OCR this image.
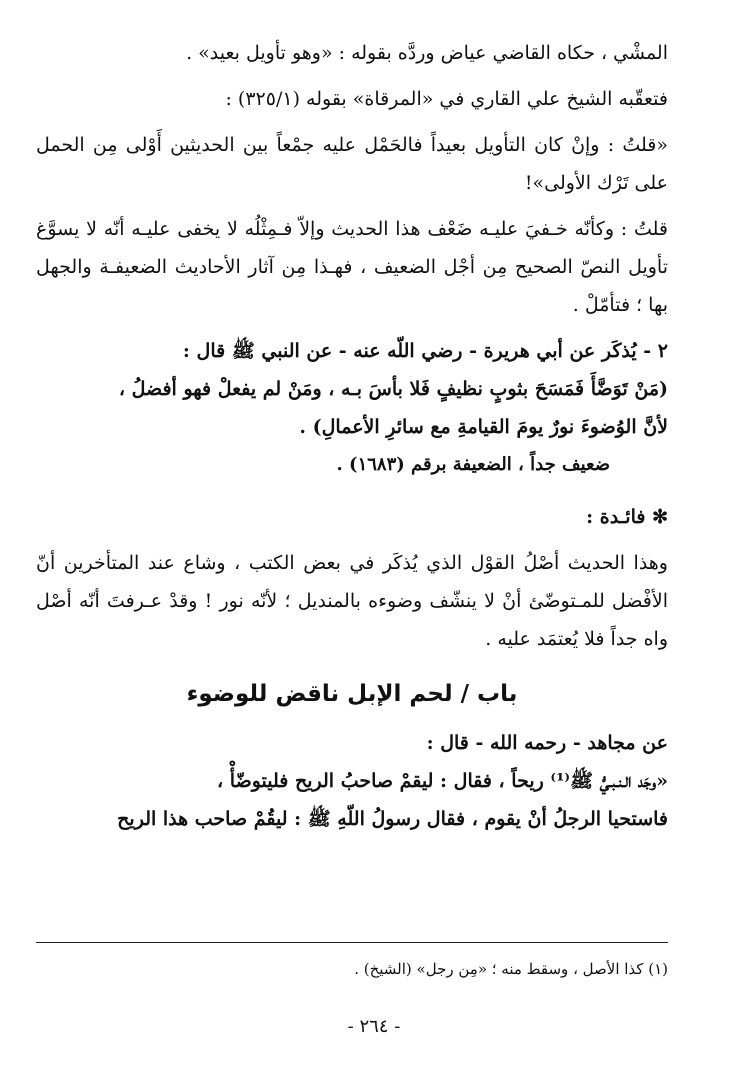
المشْي ، حكاه القاضي عياض وردَّه بقوله : «وهو تأويل بعيد» .

فتعقّبه الشيخ علي القاري في «المرقاة» بقوله (٣٢٥/١) :

«قلتُ : وإنْ كان التأويل بعيداً فالحَمْل عليه جمْعاً بين الحديثين أَوْلى مِن الحمل على تَرْك الأولى»!

قلتُ : وكأنّه خـفيَ عليـه ضَعْف هذا الحديث وإلاّ فـمِثْلُه لا يخفى عليـه أنّه لا يسوَّغ تأويل النصّ الصحيح مِن أجْل الضعيف ، فهـذا مِن آثار الأحاديث الضعيفـة والجهل بها ؛ فتأمّلْ .

٢ - يُذكَر عن أبي هريرة - رضي اللّه عنه - عن النبي ﷺ قال :

(مَنْ تَوَضَّأَ فَمَسَحَ بثوبٍ نظيفٍ فَلا بأسَ بـه ، ومَنْ لم يفعلْ فهو أفضلُ ،

لأنَّ الوُضوءَ نورٌ يومَ القيامةِ مع سائرِ الأعمالِ) .

ضعيف جداً ، الضعيفة برقم (١٦٨٣) .

✻ فائـدة :

وهذا الحديث أصْلُ القوْل الذي يُذكَر في بعض الكتب ، وشاع عند المتأخرين أنّ الأفْضل للمـتوضّئ أنْ لا ينشّف وضوءه بالمنديل ؛ لأنّه نور ! وقدْ عـرفتَ أنّه أصْل واه جداً فلا يُعتمَد عليه .

باب / لحم الإبل ناقض للوضوء

عن مجاهد - رحمه الله - قال :

«وجَد الـنـبـيُّ ﷺ⁽¹⁾ ريحاً ، فقال : ليقمْ صاحبُ الريح فليتوضّأْ ،

فاستحيا الرجلُ أنْ يقوم ، فقال رسولُ اللّهِ ﷺ : ليقُمْ صاحب هذا الريح

(١) كذا الأصل ، وسقط منه ؛ «مِن رجل» (الشيخ) .
- ٢٦٤ -
